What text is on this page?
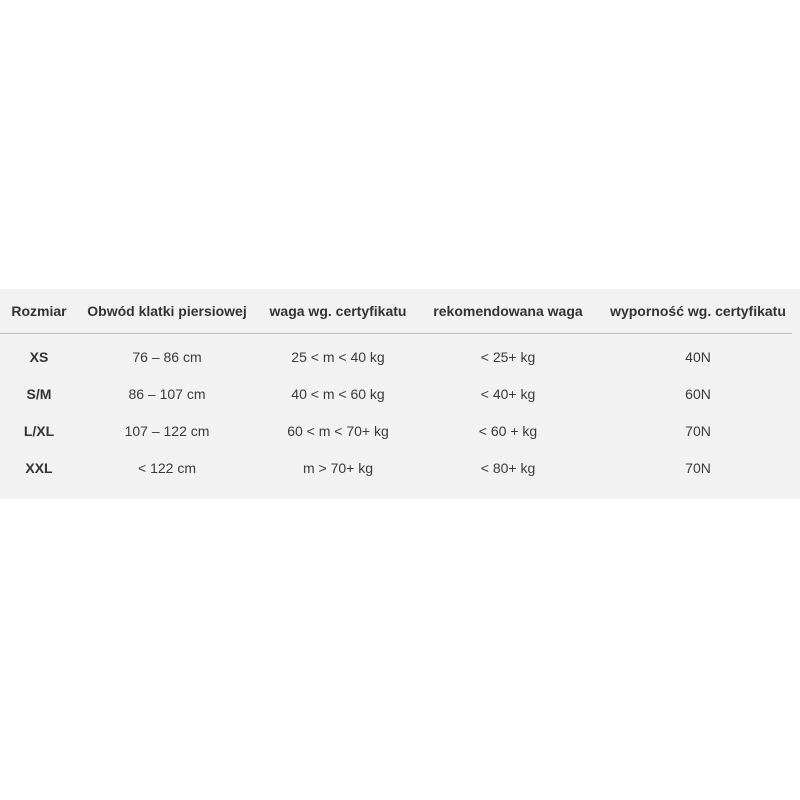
Rozmiar	Obwód klatki piersiowej	waga wg. certyfikatu	rekomendowana waga	wyporność wg. certyfikatu
XS	76 – 86 cm	25 < m < 40 kg	< 25+ kg	40N
S/M	86 – 107 cm	40 < m < 60 kg	< 40+ kg	60N
L/XL	107 – 122 cm	60 < m < 70+ kg	< 60 + kg	70N
XXL	< 122 cm	m > 70+ kg	< 80+ kg	70N
